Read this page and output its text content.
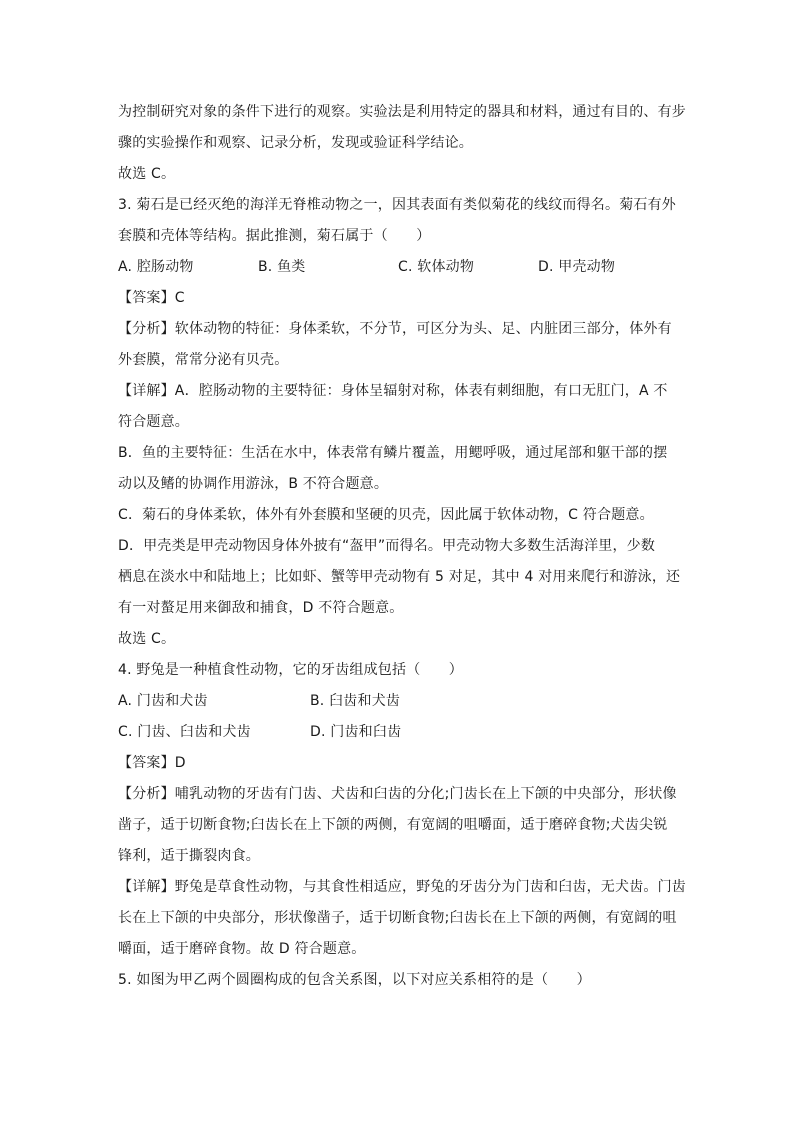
为控制研究对象的条件下进行的观察。实验法是利用特定的器具和材料，通过有目的、有步
骤的实验操作和观察、记录分析，发现或验证科学结论。
故选 C。
3. 菊石是已经灭绝的海洋无脊椎动物之一，因其表面有类似菊花的线纹而得名。菊石有外
套膜和壳体等结构。据此推测，菊石属于（　　）
A. 腔肠动物	B. 鱼类	C. 软体动物	D. 甲壳动物
【答案】C
【分析】软体动物的特征：身体柔软，不分节，可区分为头、足、内脏团三部分，体外有
外套膜，常常分泌有贝壳。
【详解】A．腔肠动物的主要特征：身体呈辐射对称，体表有刺细胞，有口无肛门，A 不
符合题意。
B．鱼的主要特征：生活在水中，体表常有鳞片覆盖，用鳃呼吸，通过尾部和躯干部的摆
动以及鳍的协调作用游泳，B 不符合题意。
C．菊石的身体柔软，体外有外套膜和坚硬的贝壳，因此属于软体动物，C 符合题意。
D．甲壳类是甲壳动物因身体外披有“盔甲”而得名。甲壳动物大多数生活海洋里，少数
栖息在淡水中和陆地上；比如虾、蟹等甲壳动物有 5 对足，其中 4 对用来爬行和游泳，还
有一对螯足用来御敌和捕食，D 不符合题意。
故选 C。
4. 野兔是一种植食性动物，它的牙齿组成包括（　　）
A. 门齿和犬齿	B. 臼齿和犬齿
C. 门齿、臼齿和犬齿	D. 门齿和臼齿
【答案】D
【分析】哺乳动物的牙齿有门齿、犬齿和臼齿的分化;门齿长在上下颌的中央部分，形状像
凿子，适于切断食物;臼齿长在上下颌的两侧，有宽阔的咀嚼面，适于磨碎食物;犬齿尖锐
锋利，适于撕裂肉食。
【详解】野兔是草食性动物，与其食性相适应，野兔的牙齿分为门齿和臼齿，无犬齿。门齿
长在上下颌的中央部分，形状像凿子，适于切断食物;臼齿长在上下颌的两侧，有宽阔的咀
嚼面，适于磨碎食物。故 D 符合题意。
5. 如图为甲乙两个圆圈构成的包含关系图，以下对应关系相符的是（　　）
